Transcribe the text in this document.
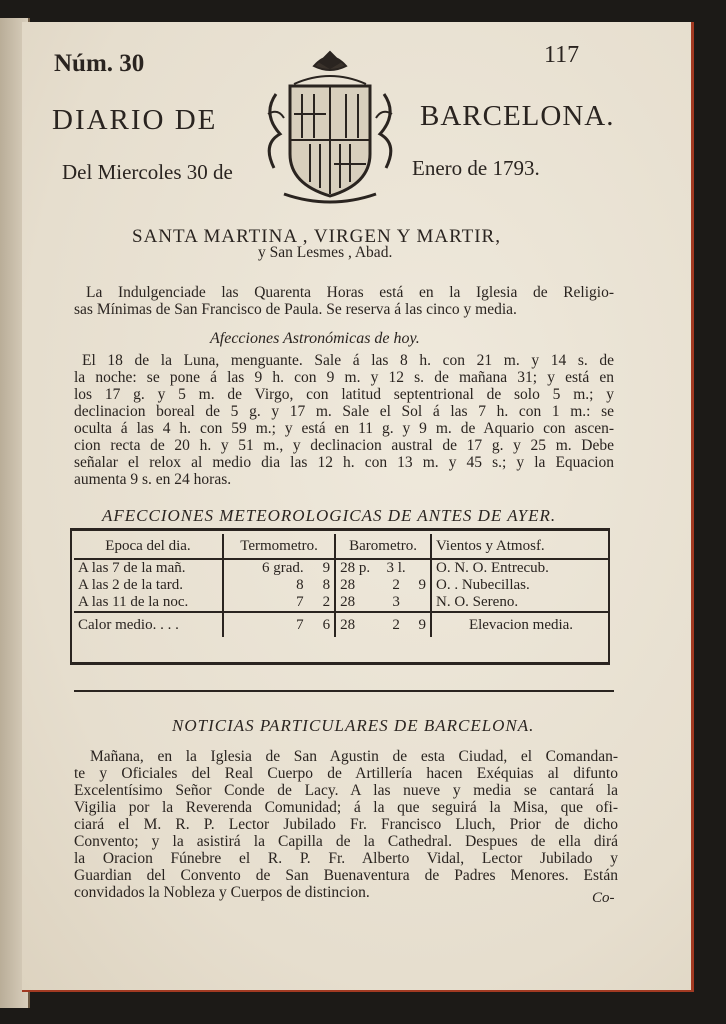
Núm. 30	117
DIARIO DE	BARCELONA.
Del Miercoles 30 de	Enero de 1793.
SANTA MARTINA , VIRGEN Y MARTIR,
y San Lesmes , Abad.
La Indulgenciade las Quarenta Horas está en la Iglesia de Religio-
sas Mínimas de San Francisco de Paula. Se reserva á las cinco y media.
Afecciones Astronómicas de hoy.
El 18 de la Luna, menguante. Sale á las 8 h. con 21 m. y 14 s. de
la noche: se pone á las 9 h. con 9 m. y 12 s. de mañana 31; y está en
los 17 g. y 5 m. de Virgo, con latitud septentrional de solo 5 m.; y
declinacion boreal de 5 g. y 17 m. Sale el Sol á las 7 h. con 1 m.: se
oculta á las 4 h. con 59 m.; y está en 11 g. y 9 m. de Aquario con ascen-
cion recta de 20 h. y 51 m., y declinacion austral de 17 g. y 25 m. Debe
señalar el relox al medio dia las 12 h. con 13 m. y 45 s.; y la Equacion
aumenta 9 s. en 24 horas.
AFECCIONES METEOROLOGICAS DE ANTES DE AYER.
Epoca del dia.	Termometro.		Barometro.			Vientos y Atmosf.
A las 7 de la mañ.	6 grad.	9	28 p.	3 l.		O. N. O. Entrecub.
A las 2 de la tard.	8	8	28	2	9	O. . Nubecillas.
A las 11 de la noc.	7	2	28	3		N. O. Sereno.
Calor medio. . . .	7	6	28	2	9	Elevacion media.
NOTICIAS PARTICULARES DE BARCELONA.
Mañana, en la Iglesia de San Agustin de esta Ciudad, el Comandan-
te y Oficiales del Real Cuerpo de Artillería hacen Exéquias al difunto
Excelentísimo Señor Conde de Lacy. A las nueve y media se cantará la
Vigilia por la Reverenda Comunidad; á la que seguirá la Misa, que ofi-
ciará el M. R. P. Lector Jubilado Fr. Francisco Lluch, Prior de dicho
Convento; y la asistirá la Capilla de la Cathedral. Despues de ella dirá
la Oracion Fúnebre el R. P. Fr. Alberto Vidal, Lector Jubilado y
Guardian del Convento de San Buenaventura de Padres Menores. Están
convidados la Nobleza y Cuerpos de distincion.	Co-
